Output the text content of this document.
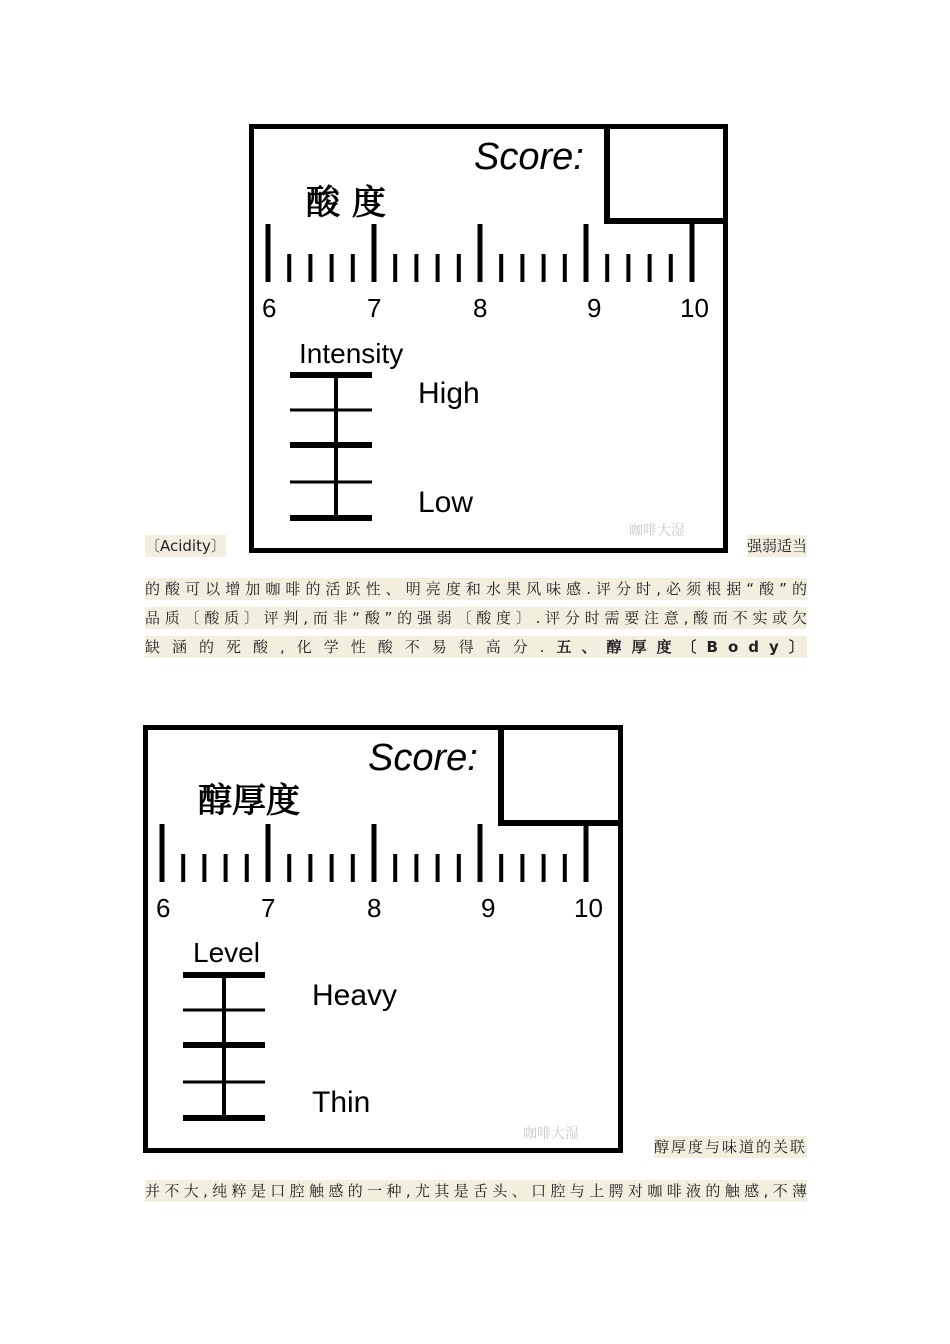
Score:
酸 度
6	7	8	9	10
Intensity
High
Low
咖啡大湿
〔Acidity〕	强弱适当
的酸可以增加咖啡的活跃性、明亮度和水果风味感.评分时,必须根据“酸”的
品质〔酸质〕评判,而非“酸”的强弱〔酸度〕.评分时需要注意,酸而不实或欠
缺涵的死酸,化学性酸不易得高分. 五、醇厚度〔Body〕
Score:
醇厚度
6	7	8	9	10
Level
Heavy
Thin
咖啡大湿
醇厚度与味道的关联
并不大,纯粹是口腔触感的一种,尤其是舌头、口腔与上腭对咖啡液的触感,不薄
